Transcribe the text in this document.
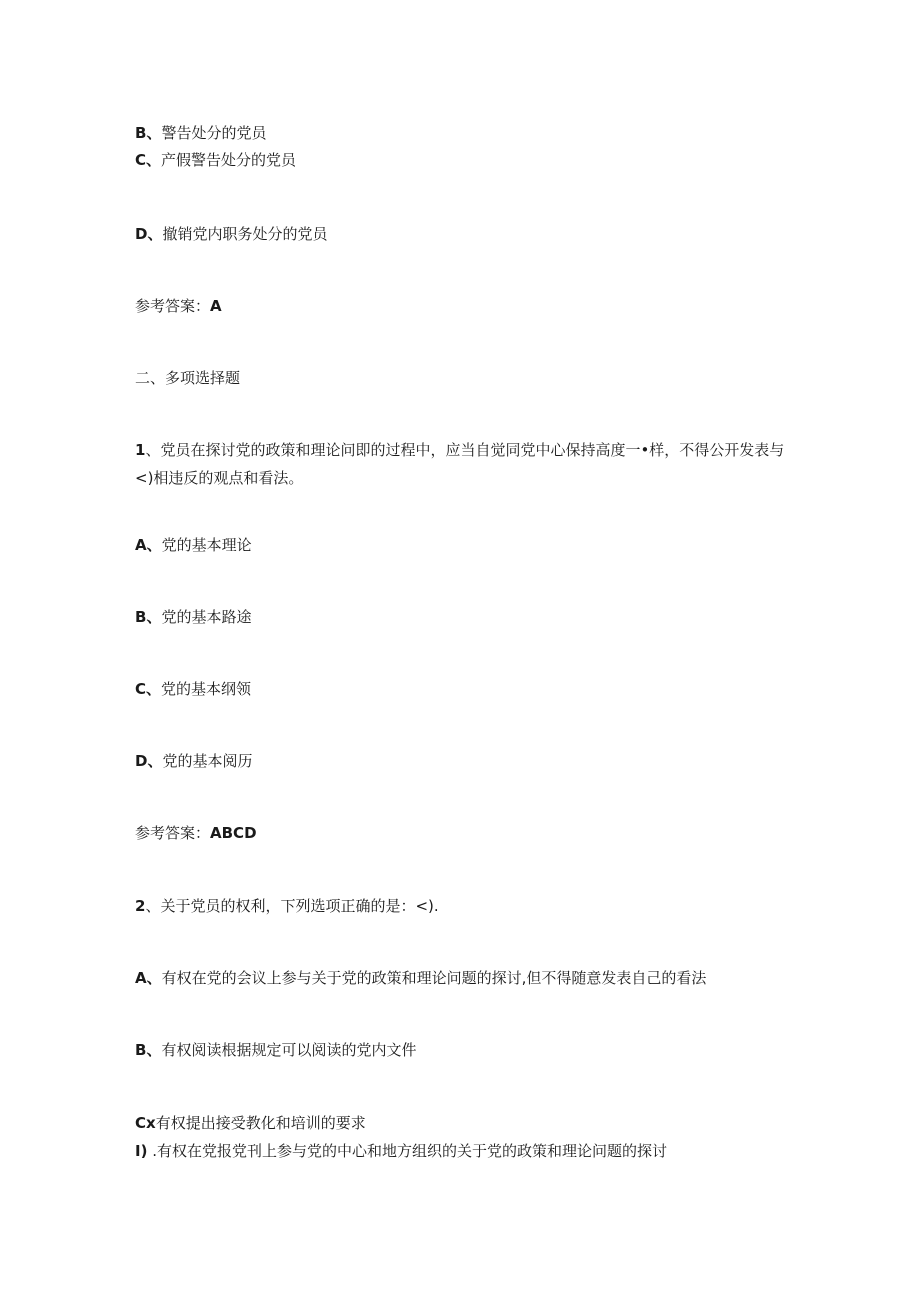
B、警告处分的党员
C、产假警告处分的党员
D、撤销党内职务处分的党员
参考答案：A
二、多项选择题
1、党员在探讨党的政策和理论问即的过程中，应当自觉同党中心保持高度一•样，不得公开发表与<)相违反的观点和看法。
A、党的基本理论
B、党的基本路途
C、党的基本纲领
D、党的基本阅历
参考答案：ABCD
2、关于党员的权利，下列选项正确的是：<).
A、有权在党的会议上参与关于党的政策和理论问题的探讨,但不得随意发表自己的看法
B、有权阅读根据规定可以阅读的党内文件
Cx有权提出接受教化和培训的要求
I) .有权在党报党刊上参与党的中心和地方组织的关于党的政策和理论问题的探讨
